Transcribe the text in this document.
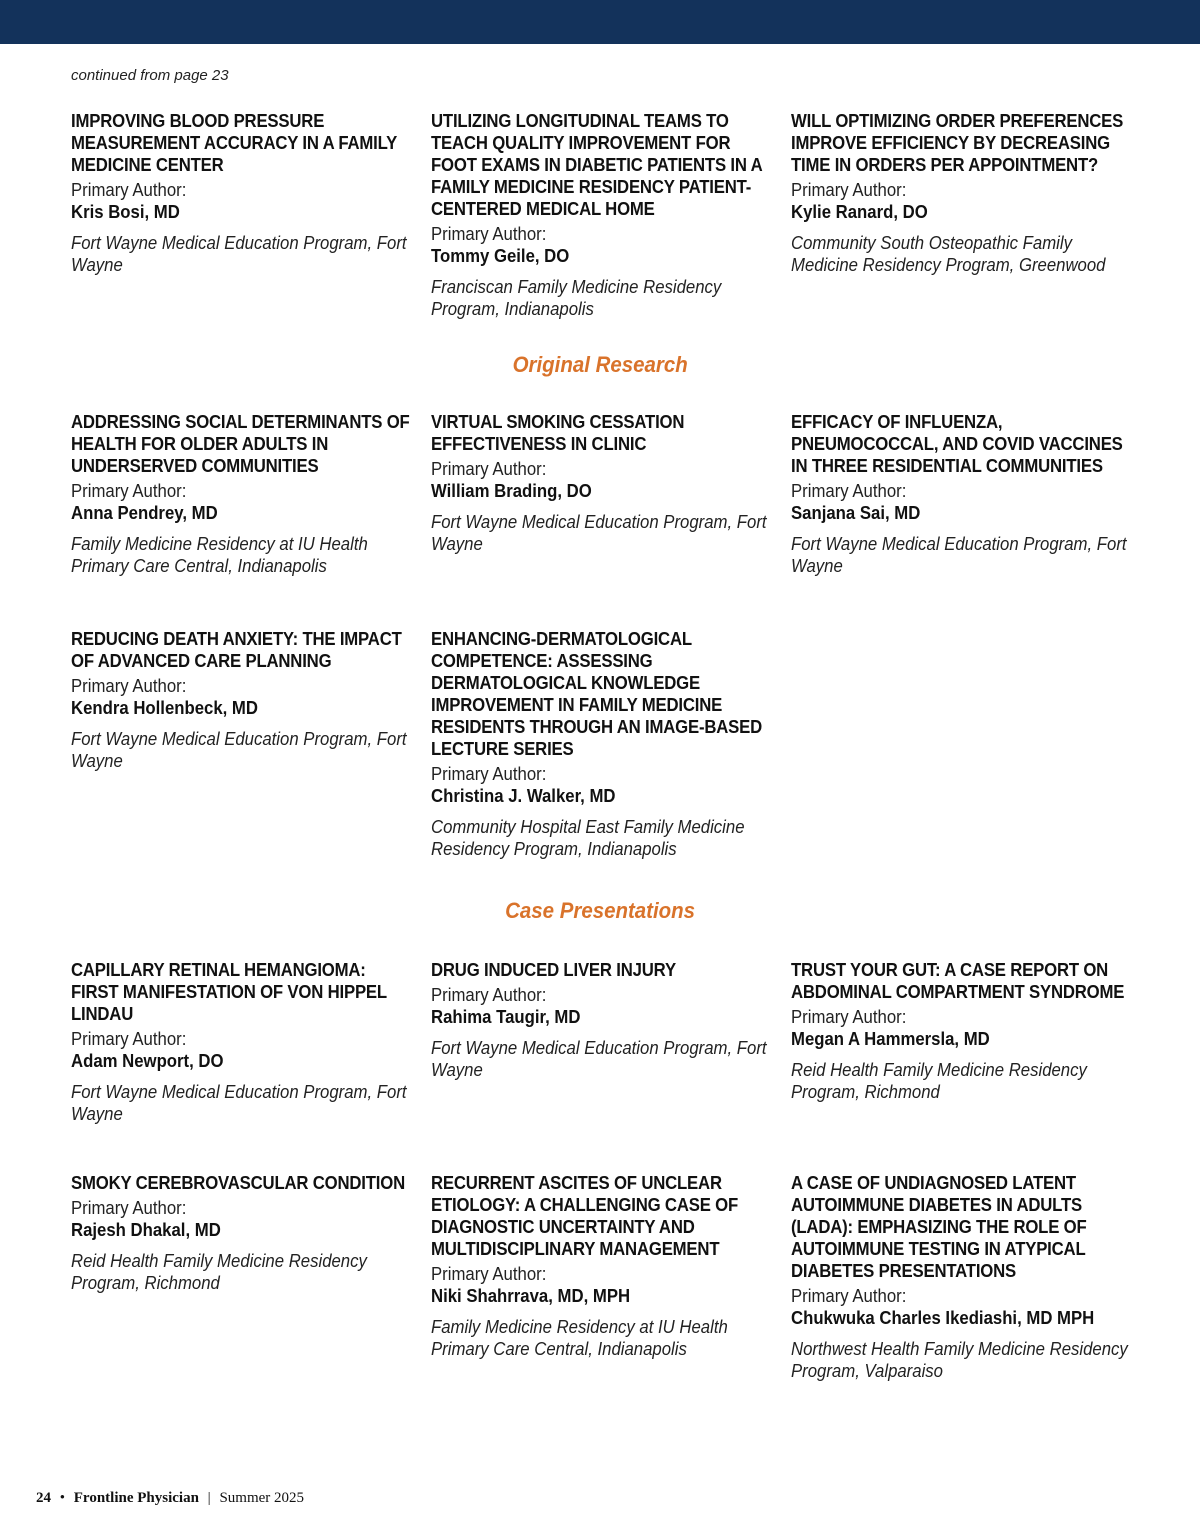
continued from page 23
IMPROVING BLOOD PRESSURE MEASUREMENT ACCURACY IN A FAMILY MEDICINE CENTER
Primary Author:
Kris Bosi, MD
Fort Wayne Medical Education Program, Fort Wayne
UTILIZING LONGITUDINAL TEAMS TO TEACH QUALITY IMPROVEMENT FOR FOOT EXAMS IN DIABETIC PATIENTS IN A FAMILY MEDICINE RESIDENCY PATIENT-CENTERED MEDICAL HOME
Primary Author:
Tommy Geile, DO
Franciscan Family Medicine Residency Program, Indianapolis
WILL OPTIMIZING ORDER PREFERENCES IMPROVE EFFICIENCY BY DECREASING TIME IN ORDERS PER APPOINTMENT?
Primary Author:
Kylie Ranard, DO
Community South Osteopathic Family Medicine Residency Program, Greenwood
Original Research
ADDRESSING SOCIAL DETERMINANTS OF HEALTH FOR OLDER ADULTS IN UNDERSERVED COMMUNITIES
Primary Author:
Anna Pendrey, MD
Family Medicine Residency at IU Health Primary Care Central, Indianapolis
VIRTUAL SMOKING CESSATION EFFECTIVENESS IN CLINIC
Primary Author:
William Brading, DO
Fort Wayne Medical Education Program, Fort Wayne
EFFICACY OF INFLUENZA, PNEUMOCOCCAL, AND COVID VACCINES IN THREE RESIDENTIAL COMMUNITIES
Primary Author:
Sanjana Sai, MD
Fort Wayne Medical Education Program, Fort Wayne
REDUCING DEATH ANXIETY: THE IMPACT OF ADVANCED CARE PLANNING
Primary Author:
Kendra Hollenbeck, MD
Fort Wayne Medical Education Program, Fort Wayne
ENHANCING-DERMATOLOGICAL COMPETENCE: ASSESSING DERMATOLOGICAL KNOWLEDGE IMPROVEMENT IN FAMILY MEDICINE RESIDENTS THROUGH AN IMAGE-BASED LECTURE SERIES
Primary Author:
Christina J. Walker, MD
Community Hospital East Family Medicine Residency Program, Indianapolis
Case Presentations
CAPILLARY RETINAL HEMANGIOMA: FIRST MANIFESTATION OF VON HIPPEL LINDAU
Primary Author:
Adam Newport, DO
Fort Wayne Medical Education Program, Fort Wayne
DRUG INDUCED LIVER INJURY
Primary Author:
Rahima Taugir, MD
Fort Wayne Medical Education Program, Fort Wayne
TRUST YOUR GUT: A CASE REPORT ON ABDOMINAL COMPARTMENT SYNDROME
Primary Author:
Megan A Hammersla, MD
Reid Health Family Medicine Residency Program, Richmond
SMOKY CEREBROVASCULAR CONDITION
Primary Author:
Rajesh Dhakal, MD
Reid Health Family Medicine Residency Program, Richmond
RECURRENT ASCITES OF UNCLEAR ETIOLOGY: A CHALLENGING CASE OF DIAGNOSTIC UNCERTAINTY AND MULTIDISCIPLINARY MANAGEMENT
Primary Author:
Niki Shahrrava, MD, MPH
Family Medicine Residency at IU Health Primary Care Central, Indianapolis
A CASE OF UNDIAGNOSED LATENT AUTOIMMUNE DIABETES IN ADULTS (LADA): EMPHASIZING THE ROLE OF AUTOIMMUNE TESTING IN ATYPICAL DIABETES PRESENTATIONS
Primary Author:
Chukwuka Charles Ikediashi, MD MPH
Northwest Health Family Medicine Residency Program, Valparaiso
24 • Frontline Physician | Summer 2025
